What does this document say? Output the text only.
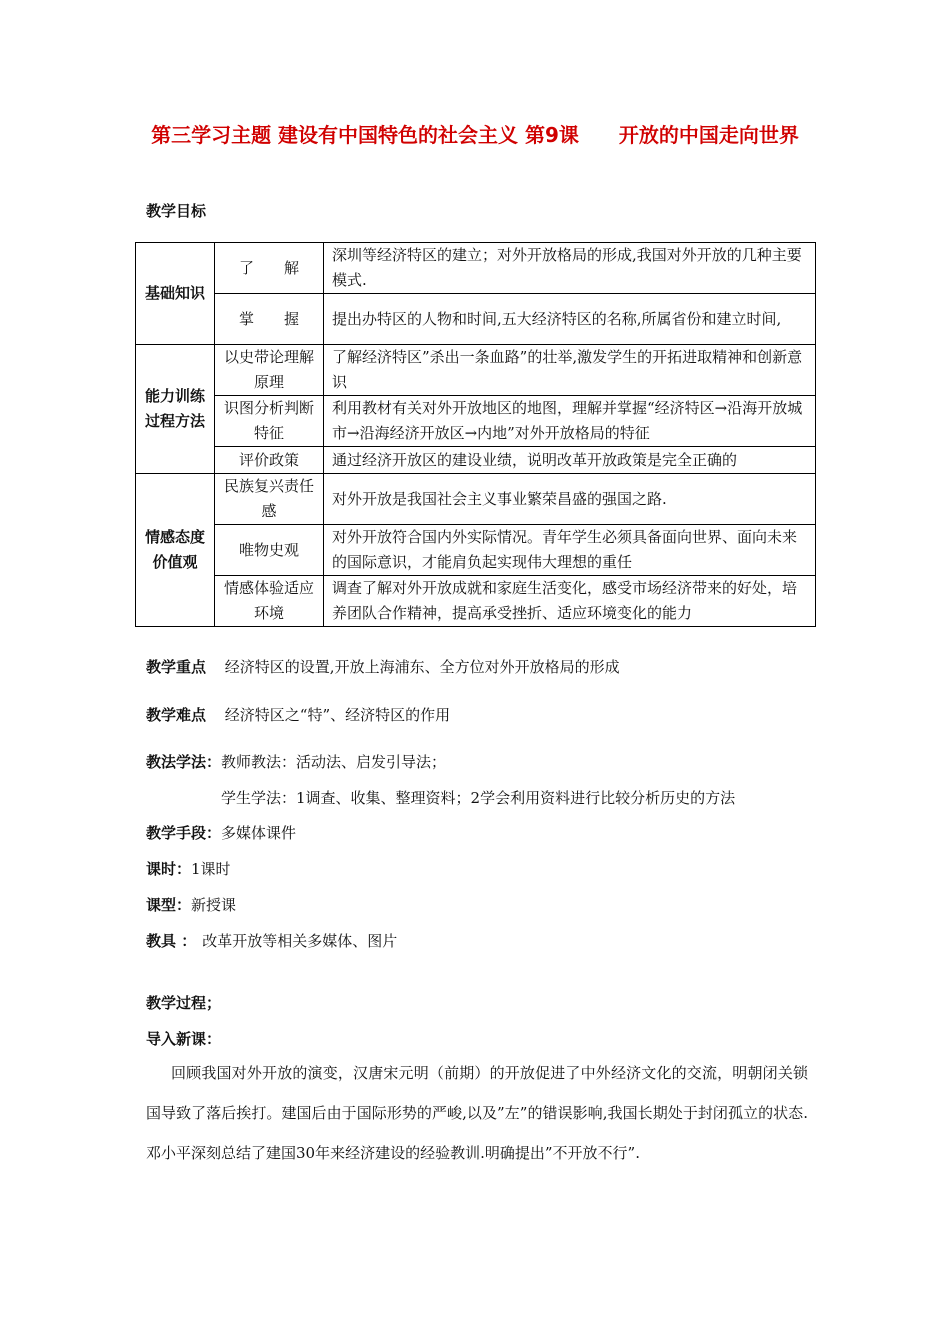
第三学习主题 建设有中国特色的社会主义 第9课　　开放的中国走向世界
教学目标
基础知识	了　　解	深圳等经济特区的建立；对外开放格局的形成,我国对外开放的几种主要模式.
	掌　　握	提出办特区的人物和时间,五大经济特区的名称,所属省份和建立时间,
能力训练过程方法	以史带论理解原理	了解经济特区”杀出一条血路”的壮举,激发学生的开拓进取精神和创新意识
	识图分析判断特征	利用教材有关对外开放地区的地图，理解并掌握“经济特区→沿海开放城市→沿海经济开放区→内地”对外开放格局的特征
	评价政策	通过经济开放区的建设业绩，说明改革开放政策是完全正确的
情感态度价值观	民族复兴责任　感	对外开放是我国社会主义事业繁荣昌盛的强国之路.
	唯物史观	对外开放符合国内外实际情况。青年学生必须具备面向世界、面向未来的国际意识，才能肩负起实现伟大理想的重任
	情感体验适应环境	调查了解对外开放成就和家庭生活变化，感受市场经济带来的好处，培养团队合作精神，提高承受挫折、适应环境变化的能力
教学重点 经济特区的设置,开放上海浦东、全方位对外开放格局的形成
教学难点 经济特区之“特”、经济特区的作用
教法学法：教师教法：活动法、启发引导法；
学生学法：1调查、收集、整理资料；2学会利用资料进行比较分析历史的方法
教学手段：多媒体课件
课时：1课时
课型：新授课
教具 ： 改革开放等相关多媒体、图片
教学过程；
导入新课：
回顾我国对外开放的演变，汉唐宋元明（前期）的开放促进了中外经济文化的交流，明朝闭关锁国导致了落后挨打。建国后由于国际形势的严峻,以及”左”的错误影响,我国长期处于封闭孤立的状态.邓小平深刻总结了建国30年来经济建设的经验教训.明确提出”不开放不行”.
